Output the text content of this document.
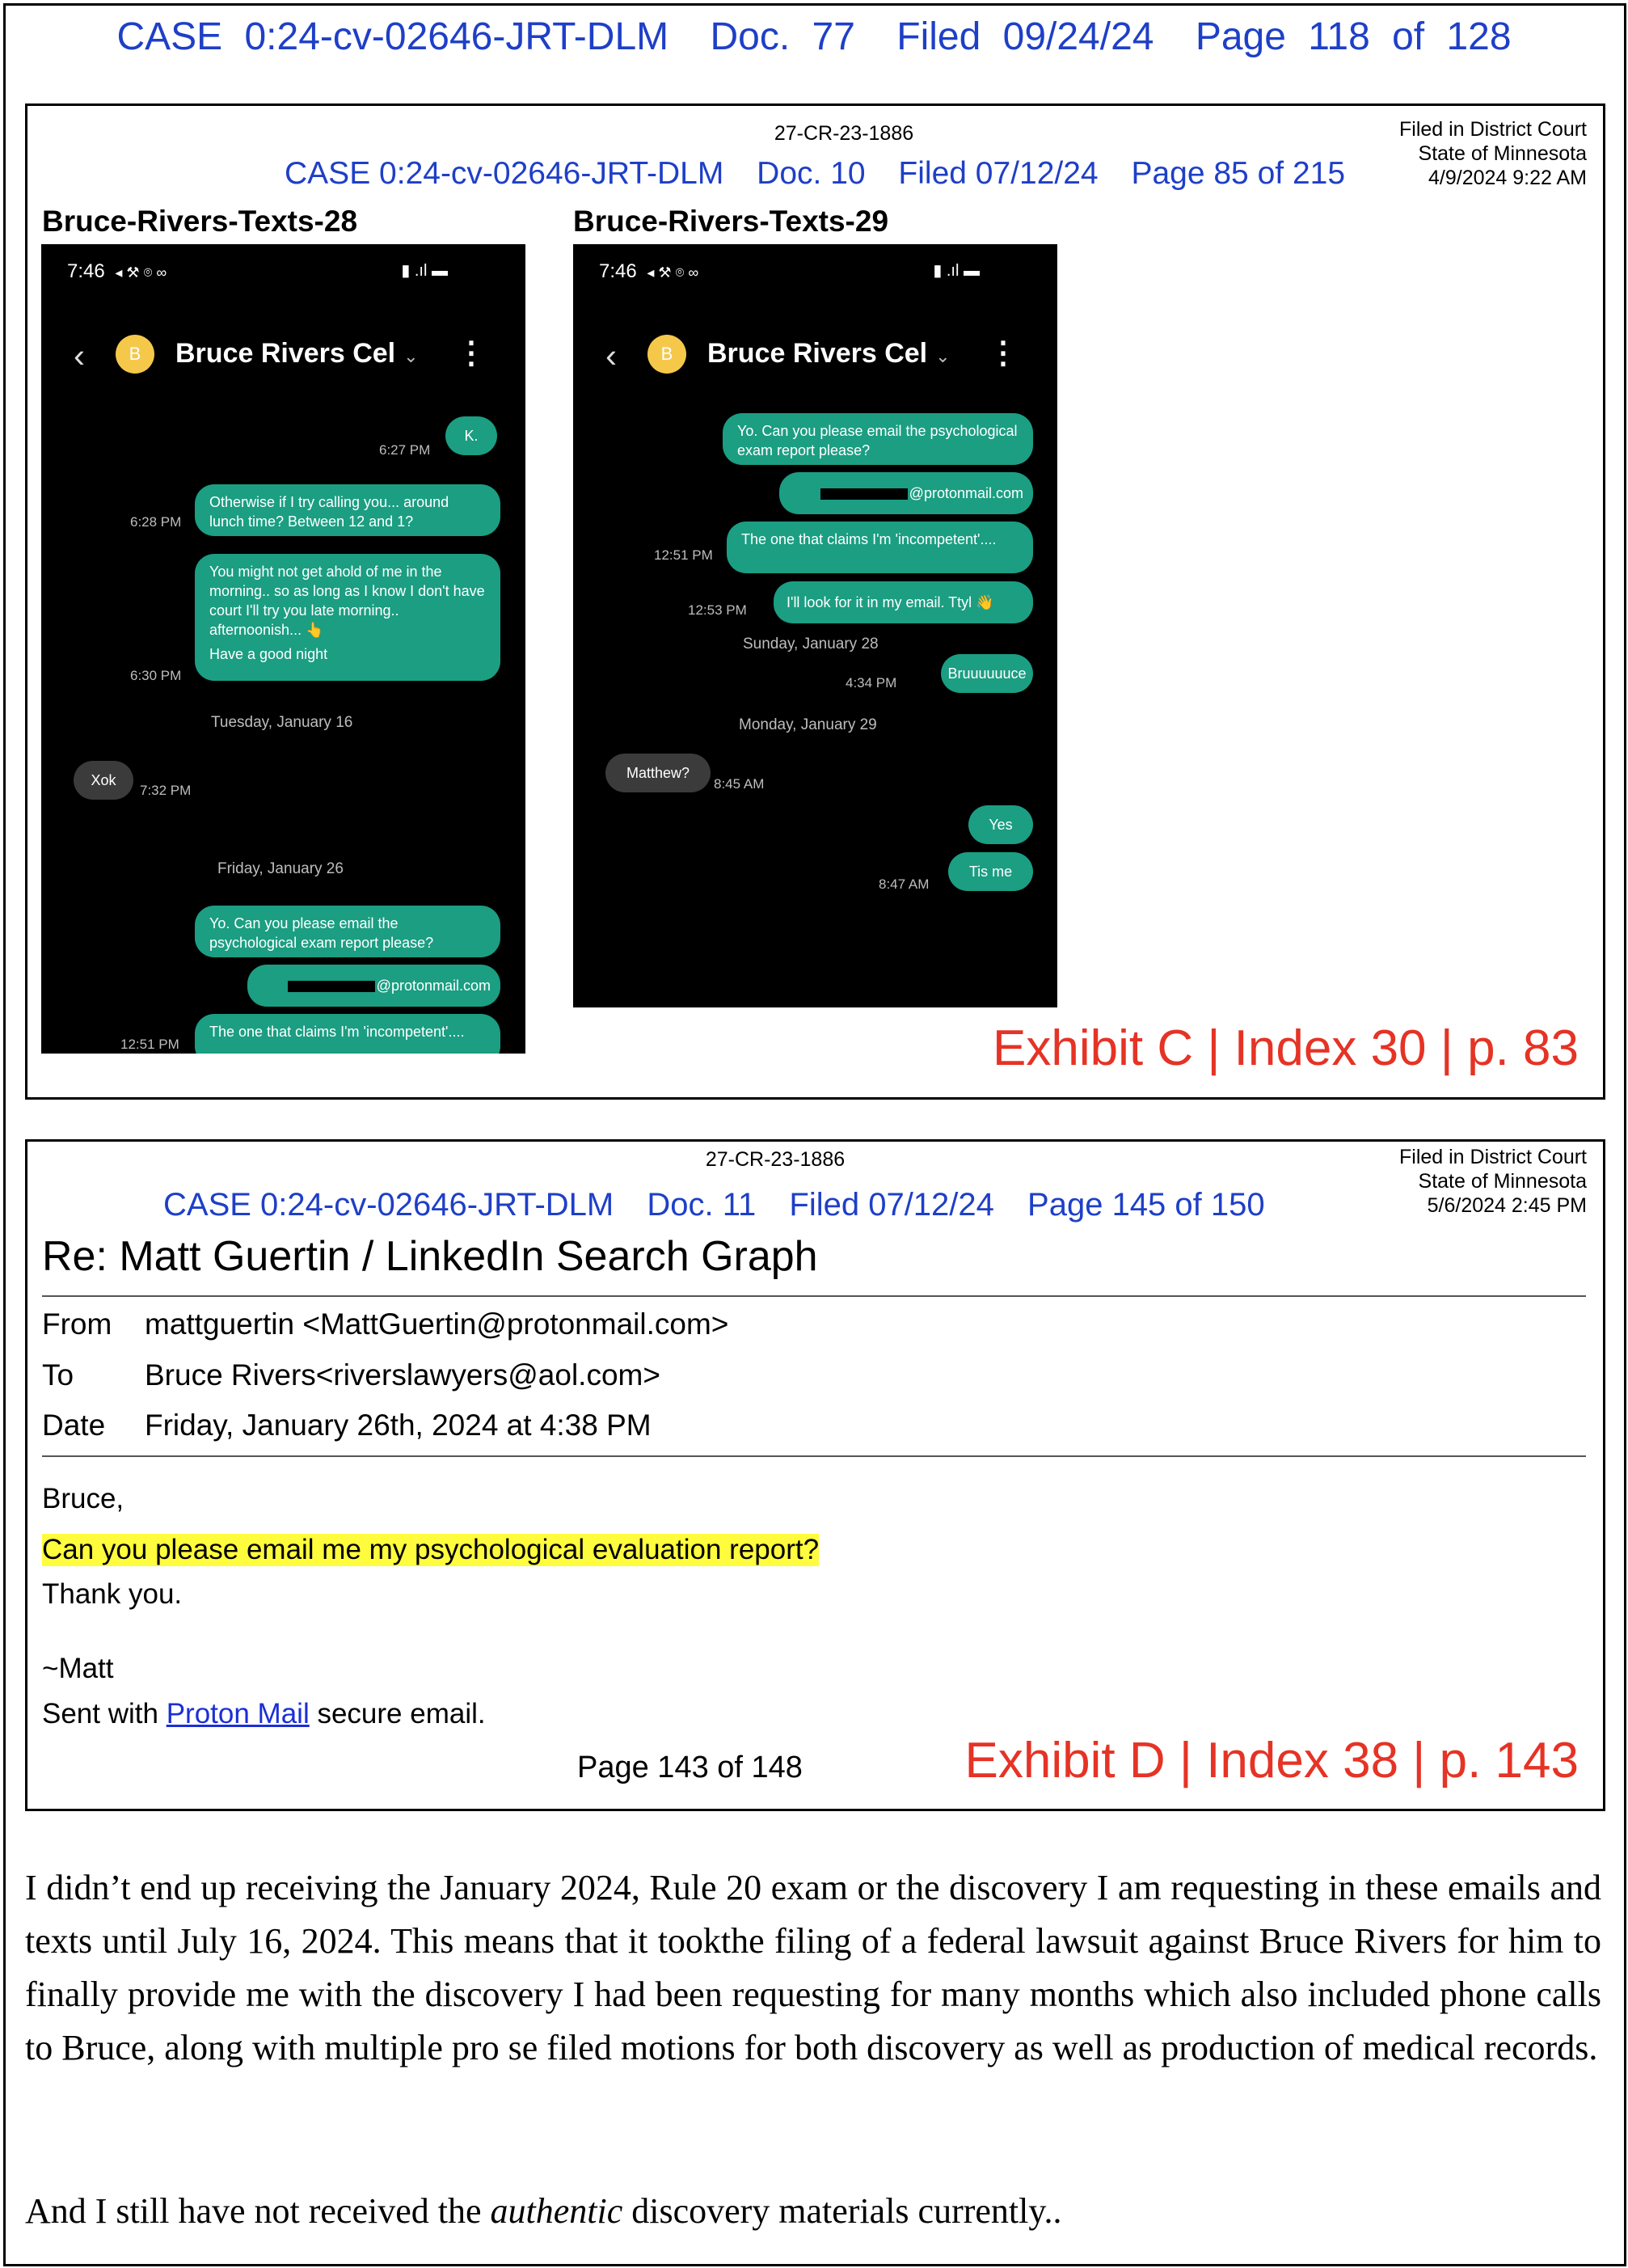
CASE 0:24-cv-02646-JRT-DLM Doc. 77 Filed 09/24/24 Page 118 of 128
27-CR-23-1886	Filed in District Court
State of Minnesota
4/9/2024 9:22 AM
CASE 0:24-cv-02646-JRT-DLM Doc. 10 Filed 07/12/24 Page 85 of 215
Bruce-Rivers-Texts-28	Bruce-Rivers-Texts-29
7:46 ◂ ⚒ ⌾ ∞	▮ .ıl ▬
‹	B	Bruce Rivers Cel ⌄ ⋮
K.
6:27 PM
Otherwise if I try calling you... around lunch time? Between 12 and 1?
6:28 PM
You might not get ahold of me in the morning.. so as long as I know I don't have court I'll try you late morning.. afternoonish... 👆
Have a good night
6:30 PM
Tuesday, January 16
Xok
7:32 PM
Friday, January 26
Yo. Can you please email the psychological exam report please?
@protonmail.com
The one that claims I'm 'incompetent'....
12:51 PM
7:46 ◂ ⚒ ⌾ ∞	▮ .ıl ▬
‹	B	Bruce Rivers Cel ⌄ ⋮
Yo. Can you please email the psychological exam report please?
@protonmail.com
The one that claims I'm 'incompetent'....
12:51 PM
I'll look for it in my email. Ttyl 👋
12:53 PM
Sunday, January 28
Bruuuuuuce
4:34 PM
Monday, January 29
Matthew?
8:45 AM
Yes
Tis me
8:47 AM
Exhibit C | Index 30 | p. 83
27-CR-23-1886	Filed in District Court
State of Minnesota
5/6/2024 2:45 PM
CASE 0:24-cv-02646-JRT-DLM Doc. 11 Filed 07/12/24 Page 145 of 150
Re: Matt Guertin / LinkedIn Search Graph
From mattguertin <MattGuertin@protonmail.com>
To Bruce Rivers<riverslawyers@aol.com>
Date Friday, January 26th, 2024 at 4:38 PM
Bruce,
Can you please email me my psychological evaluation report?
Thank you.
~Matt
Sent with Proton Mail secure email.
Page 143 of 148	Exhibit D | Index 38 | p. 143
I didn’t end up receiving the January 2024, Rule 20 exam or the discovery I am requesting in these emails and texts until July 16, 2024. This means that it tookthe filing of a federal lawsuit against Bruce Rivers for him to finally provide me with the discovery I had been requesting for many months which also included phone calls to Bruce, along with multiple pro se filed motions for both discovery as well as production of medical records.
And I still have not received the authentic discovery materials currently..
